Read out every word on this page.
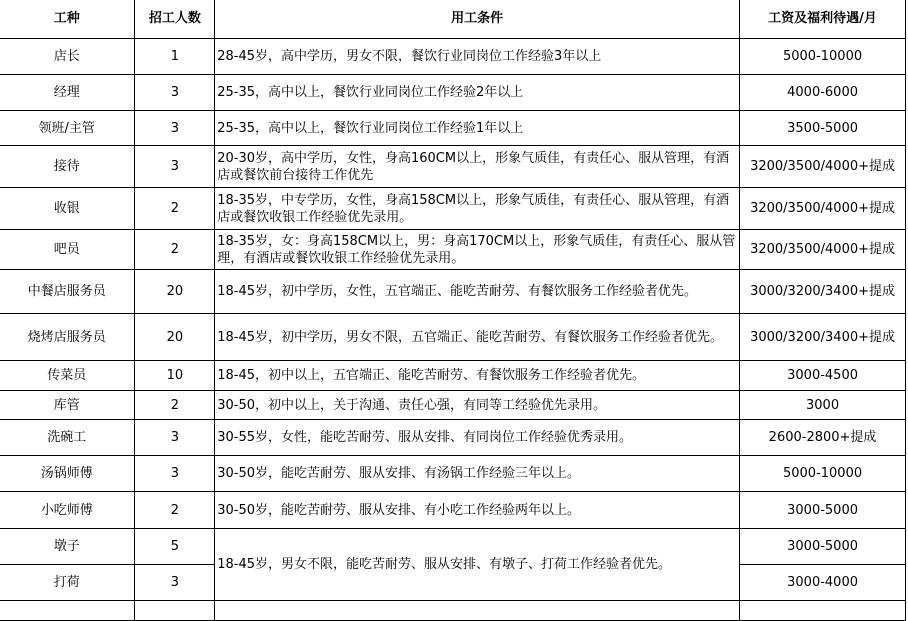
工种	招工人数	用工条件	工资及福利待遇/月
店长	1	28-45岁，高中学历，男女不限，餐饮行业同岗位工作经验3年以上	5000-10000
经理	3	25-35，高中以上，餐饮行业同岗位工作经验2年以上	4000-6000
领班/主管	3	25-35，高中以上，餐饮行业同岗位工作经验1年以上	3500-5000
接待	3	20-30岁，高中学历，女性，身高160CM以上，形象气质佳，有责任心、服从管理，有酒店或餐饮前台接待工作优先	3200/3500/4000+提成
收银	2	18-35岁，中专学历，女性，身高158CM以上，形象气质佳，有责任心、服从管理，有酒店或餐饮收银工作经验优先录用。	3200/3500/4000+提成
吧员	2	18-35岁，女：身高158CM以上，男：身高170CM以上，形象气质佳，有责任心、服从管理，有酒店或餐饮收银工作经验优先录用。	3200/3500/4000+提成
中餐店服务员	20	18-45岁，初中学历，女性，五官端正、能吃苦耐劳、有餐饮服务工作经验者优先。	3000/3200/3400+提成
烧烤店服务员	20	18-45岁，初中学历，男女不限，五官端正、能吃苦耐劳、有餐饮服务工作经验者优先。	3000/3200/3400+提成
传菜员	10	18-45，初中以上，五官端正、能吃苦耐劳、有餐饮服务工作经验者优先。	3000-4500
库管	2	30-50，初中以上，关于沟通、责任心强，有同等工经验优先录用。	3000
洗碗工	3	30-55岁，女性，能吃苦耐劳、服从安排、有同岗位工作经验优秀录用。	2600-2800+提成
汤锅师傅	3	30-50岁，能吃苦耐劳、服从安排、有汤锅工作经验三年以上。	5000-10000
小吃师傅	2	30-50岁，能吃苦耐劳、服从安排、有小吃工作经验两年以上。	3000-5000
墩子	5	18-45岁，男女不限，能吃苦耐劳、服从安排、有墩子、打荷工作经验者优先。	3000-5000
打荷	3		3000-4000
